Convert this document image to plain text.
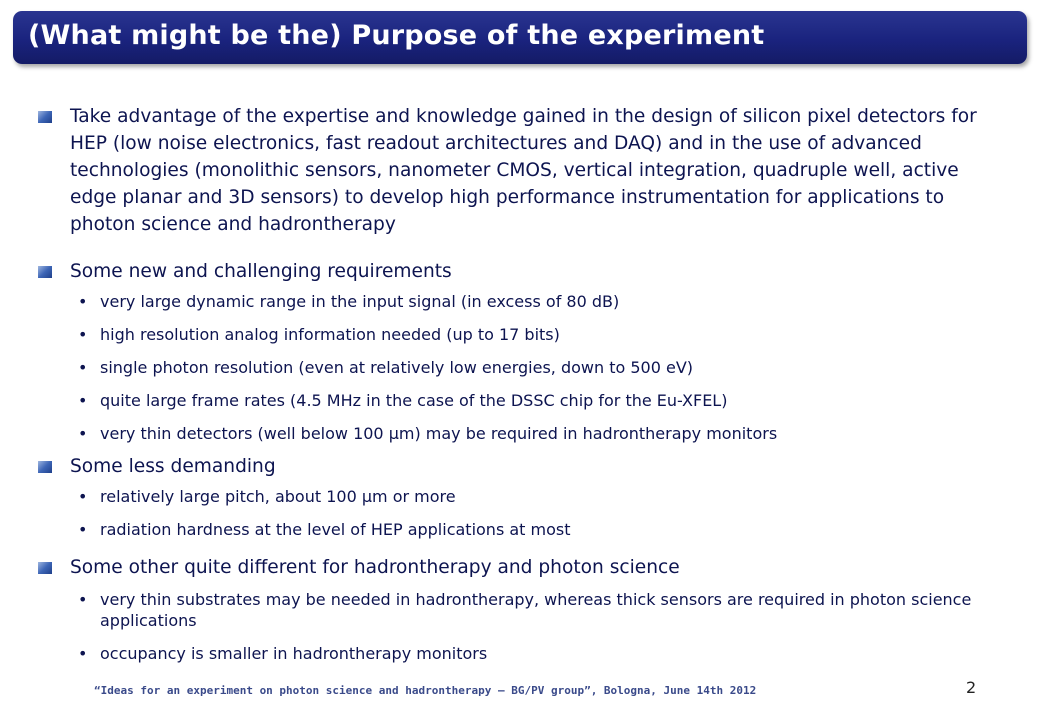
(What might be the) Purpose of the experiment
Take advantage of the expertise and knowledge gained in the design of silicon pixel detectors for HEP (low noise electronics, fast readout architectures and DAQ) and in the use of advanced technologies (monolithic sensors, nanometer CMOS, vertical integration, quadruple well, active edge planar and 3D sensors) to develop high performance instrumentation for applications to photon science and hadrontherapy
Some new and challenging requirements
• very large dynamic range in the input signal (in excess of 80 dB)
• high resolution analog information needed (up to 17 bits)
• single photon resolution (even at relatively low energies, down to 500 eV)
• quite large frame rates (4.5 MHz in the case of the DSSC chip for the Eu-XFEL)
• very thin detectors (well below 100 µm) may be required in hadrontherapy monitors
Some less demanding
• relatively large pitch, about 100 µm or more
• radiation hardness at the level of HEP applications at most
Some other quite different for hadrontherapy and photon science
• very thin substrates may be needed in hadrontherapy, whereas thick sensors are required in photon science applications
• occupancy is smaller in hadrontherapy monitors
“Ideas for an experiment on photon science and hadrontherapy – BG/PV group”, Bologna, June 14th 2012	2
